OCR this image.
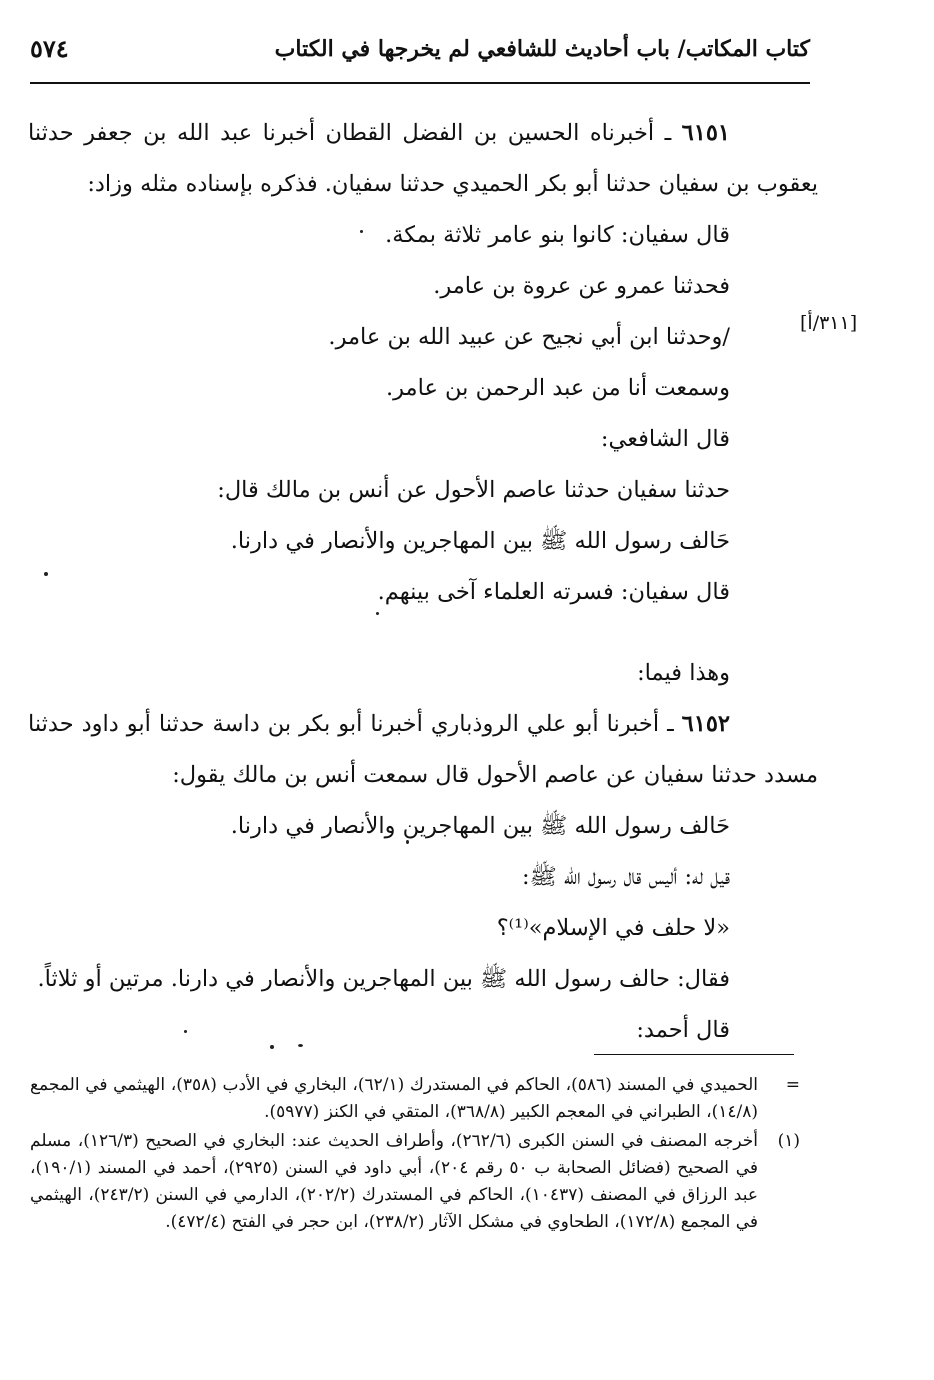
كتاب المكاتب/ باب أحاديث للشافعي لم يخرجها في الكتاب
٥٧٤
[٣١١/أ]

٦١٥١ ـ أخبرناه الحسين بن الفضل القطان أخبرنا عبد الله بن جعفر حدثنا يعقوب بن سفيان حدثنا أبو بكر الحميدي حدثنا سفيان. فذكره بإسناده مثله وزاد:

قال سفيان: كانوا بنو عامر ثلاثة بمكة.

فحدثنا عمرو عن عروة بن عامر.

/وحدثنا ابن أبي نجيح عن عبيد الله بن عامر.

وسمعت أنا من عبد الرحمن بن عامر.

قال الشافعي:

حدثنا سفيان حدثنا عاصم الأحول عن أنس بن مالك قال:

حَالف رسول الله ﷺ بين المهاجرين والأنصار في دارنا.

قال سفيان: فسرته العلماء آخى بينهم.

وهذا فيما:

٦١٥٢ ـ أخبرنا أبو علي الروذباري أخبرنا أبو بكر بن داسة حدثنا أبو داود حدثنا مسدد حدثنا سفيان عن عاصم الأحول قال سمعت أنس بن مالك يقول:

حَالف رسول الله ﷺ بين المهاجرين والأنصار في دارنا.

قيل له: أليس قال رسول الله ﷺ:

«لا حلف في الإسلام»⁽¹⁾؟

فقال: حالف رسول الله ﷺ بين المهاجرين والأنصار في دارنا. مرتين أو ثلاثاً.

قال أحمد:

=
الحميدي في المسند (٥٨٦)، الحاكم في المستدرك (٦٢/١)، البخاري في الأدب (٣٥٨)، الهيثمي في المجمع (١٤/٨)، الطبراني في المعجم الكبير (٣٦٨/٨)، المتقي في الكنز (٥٩٧٧).
(١)
أخرجه المصنف في السنن الكبرى (٢٦٢/٦)، وأطراف الحديث عند: البخاري في الصحيح (١٢٦/٣)، مسلم في الصحيح (فضائل الصحابة ب ٥٠ رقم ٢٠٤)، أبي داود في السنن (٢٩٢٥)، أحمد في المسند (١٩٠/١)، عبد الرزاق في المصنف (١٠٤٣٧)، الحاكم في المستدرك (٢٠٢/٢)، الدارمي في السنن (٢٤٣/٢)، الهيثمي في المجمع (١٧٢/٨)، الطحاوي في مشكل الآثار (٢٣٨/٢)، ابن حجر في الفتح (٤٧٢/٤).
